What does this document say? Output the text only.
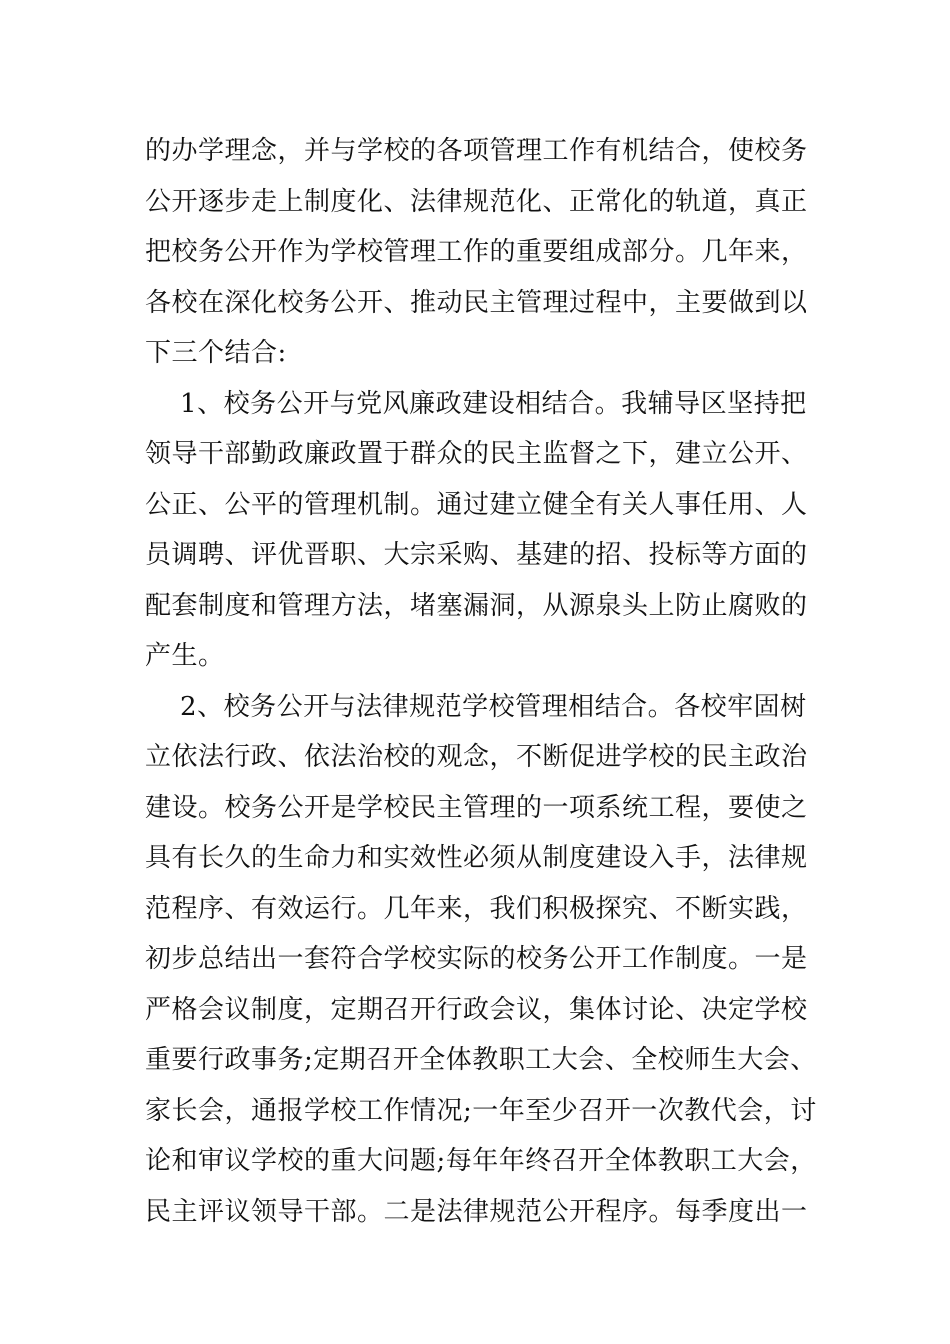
的办学理念，并与学校的各项管理工作有机结合，使校务
公开逐步走上制度化、法律规范化、正常化的轨道，真正
把校务公开作为学校管理工作的重要组成部分。几年来，
各校在深化校务公开、推动民主管理过程中，主要做到以
下三个结合:
1、校务公开与党风廉政建设相结合。我辅导区坚持把
领导干部勤政廉政置于群众的民主监督之下，建立公开、
公正、公平的管理机制。通过建立健全有关人事任用、人
员调聘、评优晋职、大宗采购、基建的招、投标等方面的
配套制度和管理方法，堵塞漏洞，从源泉头上防止腐败的
产生。
2、校务公开与法律规范学校管理相结合。各校牢固树
立依法行政、依法治校的观念，不断促进学校的民主政治
建设。校务公开是学校民主管理的一项系统工程，要使之
具有长久的生命力和实效性必须从制度建设入手，法律规
范程序、有效运行。几年来，我们积极探究、不断实践，
初步总结出一套符合学校实际的校务公开工作制度。一是
严格会议制度，定期召开行政会议，集体讨论、决定学校
重要行政事务;定期召开全体教职工大会、全校师生大会、
家长会，通报学校工作情况;一年至少召开一次教代会，讨
论和审议学校的重大问题;每年年终召开全体教职工大会，
民主评议领导干部。二是法律规范公开程序。每季度出一
